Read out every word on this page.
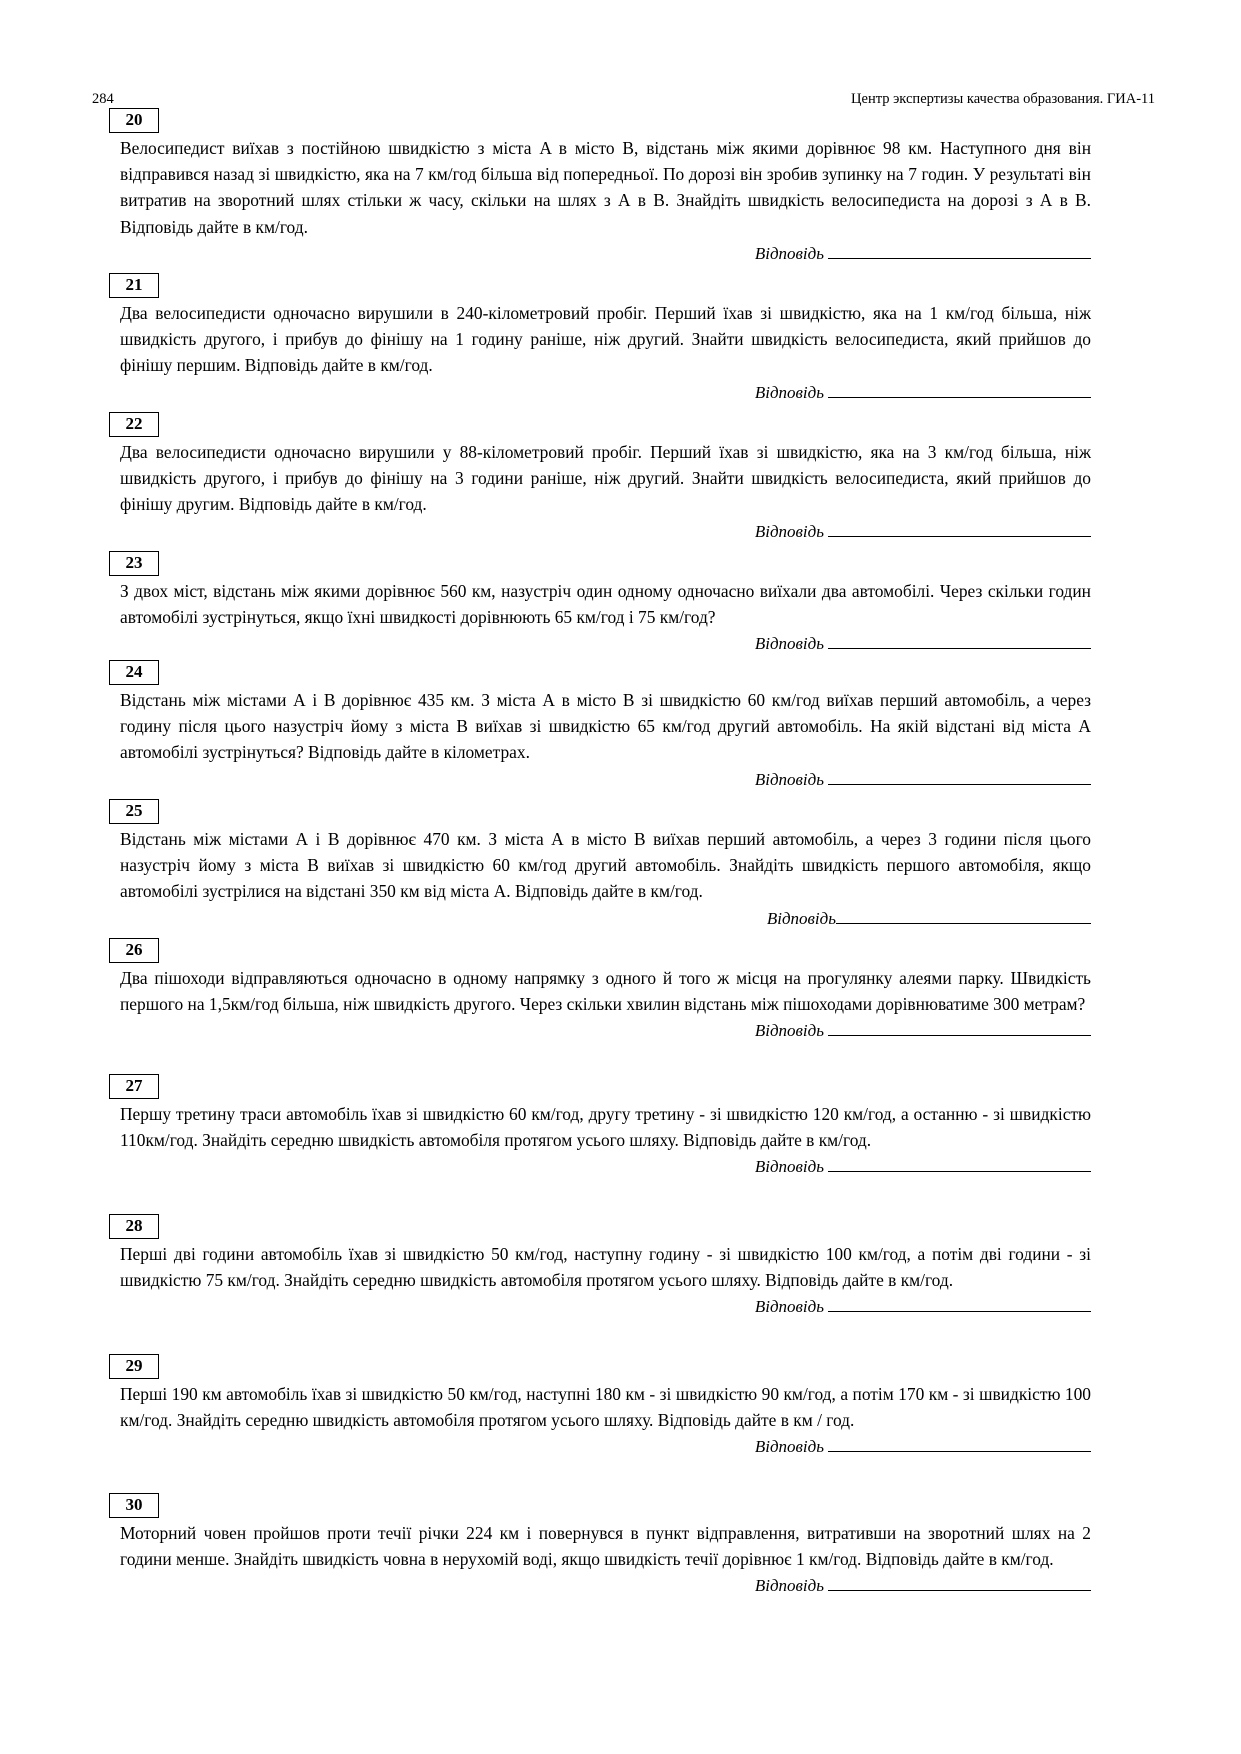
284	Центр экспертизы качества образования. ГИА-11
20
Велосипедист виїхав з постійною швидкістю з міста A в місто B, відстань між якими дорівнює 98 км. Наступного дня він відправився назад зі швидкістю, яка на 7 км/год більша від попередньої. По дорозі він зробив зупинку на 7 годин. У результаті він витратив на зворотний шлях стільки ж часу, скільки на шлях з А в В. Знайдіть швидкість велосипедиста на дорозі з А в В. Відповідь дайте в км/год.
Відповідь
21
Два велосипедисти одночасно вирушили в 240-кілометровий пробіг. Перший їхав зі швидкістю, яка на 1 км/год більша, ніж швидкість другого, і прибув до фінішу на 1 годину раніше, ніж другий. Знайти швидкість велосипедиста, який прийшов до фінішу першим. Відповідь дайте в км/год.
Відповідь
22
Два велосипедисти одночасно вирушили у 88-кілометровий пробіг. Перший їхав зі швидкістю, яка на 3 км/год більша, ніж швидкість другого, і прибув до фінішу на 3 години раніше, ніж другий. Знайти швидкість велосипедиста, який прийшов до фінішу другим. Відповідь дайте в км/год.
Відповідь
23
З двох міст, відстань між якими дорівнює 560 км, назустріч один одному одночасно виїхали два автомобілі. Через скільки годин автомобілі зустрінуться, якщо їхні швидкості дорівнюють 65 км/год і 75 км/год?
Відповідь
24
Відстань між містами А і В дорівнює 435 км. З міста А в місто В зі швидкістю 60 км/год виїхав перший автомобіль, а через годину після цього назустріч йому з міста В виїхав зі швидкістю 65 км/год другий автомобіль. На якій відстані від міста А автомобілі зустрінуться? Відповідь дайте в кілометрах.
Відповідь
25
Відстань між містами А і В дорівнює 470 км. З міста А в місто В виїхав перший автомобіль, а через 3 години після цього назустріч йому з міста В виїхав зі швидкістю 60 км/год другий автомобіль. Знайдіть швидкість першого автомобіля, якщо автомобілі зустрілися на відстані 350 км від міста А. Відповідь дайте в км/год.
Відповідь
26
Два пішоходи відправляються одночасно в одному напрямку з одного й того ж місця на прогулянку алеями парку. Швидкість першого на 1,5км/год більша, ніж швидкість другого. Через скільки хвилин відстань між пішоходами дорівнюватиме 300 метрам?
Відповідь
27
Першу третину траси автомобіль їхав зі швидкістю 60 км/год, другу третину - зі швидкістю 120 км/год, а останню - зі швидкістю 110км/год. Знайдіть середню швидкість автомобіля протягом усього шляху. Відповідь дайте в км/год.
Відповідь
28
Перші дві години автомобіль їхав зі швидкістю 50 км/год, наступну годину - зі швидкістю 100 км/год, а потім дві години - зі швидкістю 75 км/год. Знайдіть середню швидкість автомобіля протягом усього шляху. Відповідь дайте в км/год.
Відповідь
29
Перші 190 км автомобіль їхав зі швидкістю 50 км/год, наступні 180 км - зі швидкістю 90 км/год, а потім 170 км - зі швидкістю 100 км/год. Знайдіть середню швидкість автомобіля протягом усього шляху. Відповідь дайте в км / год.
Відповідь
30
Моторний човен пройшов проти течії річки 224 км і повернувся в пункт відправлення, витративши на зворотний шлях на 2 години менше. Знайдіть швидкість човна в нерухомій воді, якщо швидкість течії дорівнює 1 км/год. Відповідь дайте в км/год.
Відповідь
